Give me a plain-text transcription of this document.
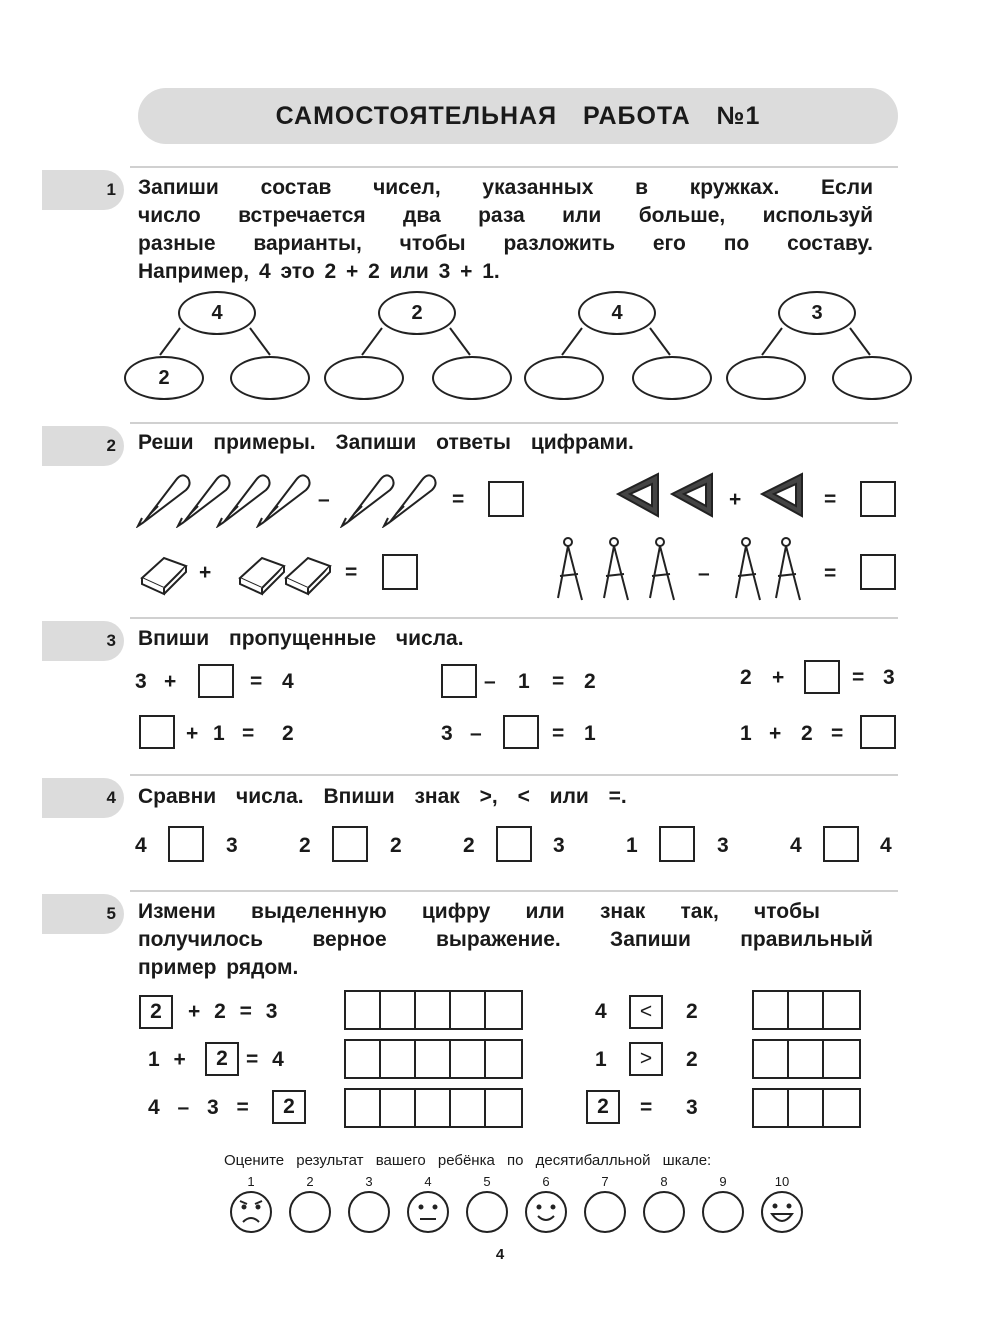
САМОСТОЯТЕЛЬНАЯ РАБОТА №1
1 Запиши состав чисел, указанных в кружках. Если
число встречается два раза или больше, используй
разные варианты, чтобы разложить его по составу.
Например, 4 это 2 + 2 или 3 + 1.
4
2
2	4	3
2 Реши примеры. Запиши ответы цифрами.
–	=	+	=
+	=	–	=
3 Впиши пропущенные числа.
3 +	= 4	– 1 = 2	2 +	= 3
+ 1 = 2	3 –	= 1	1 + 2 =
4 Сравни числа. Впиши знак >, < или =.
4	3	2	2	2	3	1	3	4	4
5 Измени выделенную цифру или знак так, чтобы
получилось верное выражение. Запиши правильный
пример рядом.
2	+ 2 = 3
1 +	2 = 4
4 – 3 =	2
4	<	2
1	>	2
2	= 3
Оцените результат вашего ребёнка по десятибалльной шкале:
1	2	3	4	5	6	7	8	9	10
4
